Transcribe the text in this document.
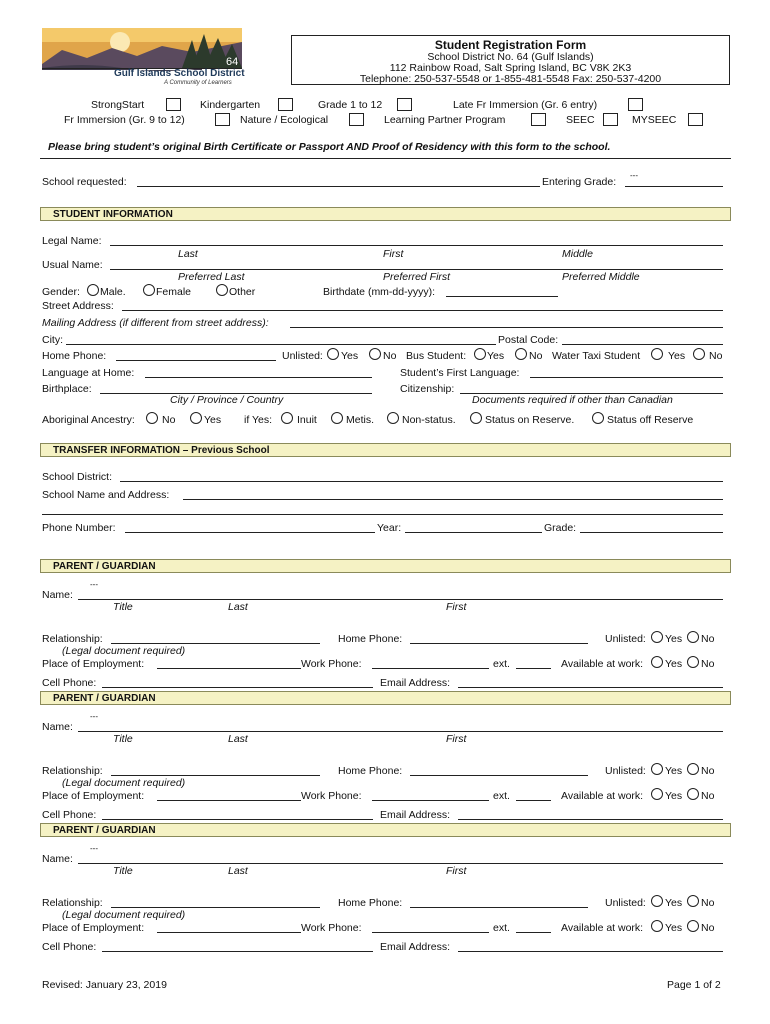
64
Gulf Islands School District
A Community of Learners
Student Registration Form
School District No. 64 (Gulf Islands)
112 Rainbow Road, Salt Spring Island, BC V8K 2K3
Telephone: 250-537-5548 or 1-855-481-5548 Fax: 250-537-4200
StrongStart	Kindergarten	Grade 1 to 12	Late Fr Immersion (Gr. 6 entry)
Fr Immersion (Gr. 9 to 12)	Nature / Ecological	Learning Partner Program	SEEC	MYSEEC
Please bring student’s original Birth Certificate or Passport AND Proof of Residency with this form to the school.
School requested:	Entering Grade:
---
STUDENT INFORMATION
Legal Name:
Last	First	Middle
Usual Name:
Preferred Last	Preferred First	Preferred Middle
Gender: Male.	Female	Other	Birthdate (mm-dd-yyyy):
Street Address:
Mailing Address (if different from street address):
City:	Postal Code:
Home Phone:	Unlisted: Yes No Bus Student: Yes No Water Taxi Student	Yes No
Language at Home:	Student’s First Language:
Birthplace:	Citizenship:
City / Province / Country	Documents required if other than Canadian
Aboriginal Ancestry:	No	Yes if Yes: Inuit	Metis.	Non-status.	Status on Reserve.	Status off Reserve
TRANSFER INFORMATION – Previous School
School District:
School Name and Address:
Phone Number:	Year:	Grade:
PARENT / GUARDIAN
---
Name:
Title	Last	First
Relationship:	Home Phone:	Unlisted: Yes No
(Legal document required)
Place of Employment:	Work Phone:	ext.	Available at work: Yes No
Cell Phone:	Email Address:
PARENT / GUARDIAN
---
Name:
Title	Last	First
Relationship:	Home Phone:	Unlisted: Yes No
(Legal document required)
Place of Employment:	Work Phone:	ext.	Available at work: Yes No
Cell Phone:	Email Address:
PARENT / GUARDIAN
---
Name:
Title	Last	First
Relationship:	Home Phone:	Unlisted: Yes No
(Legal document required)
Place of Employment:	Work Phone:	ext.	Available at work: Yes No
Cell Phone:	Email Address:
Revised: January 23, 2019	Page 1 of 2
